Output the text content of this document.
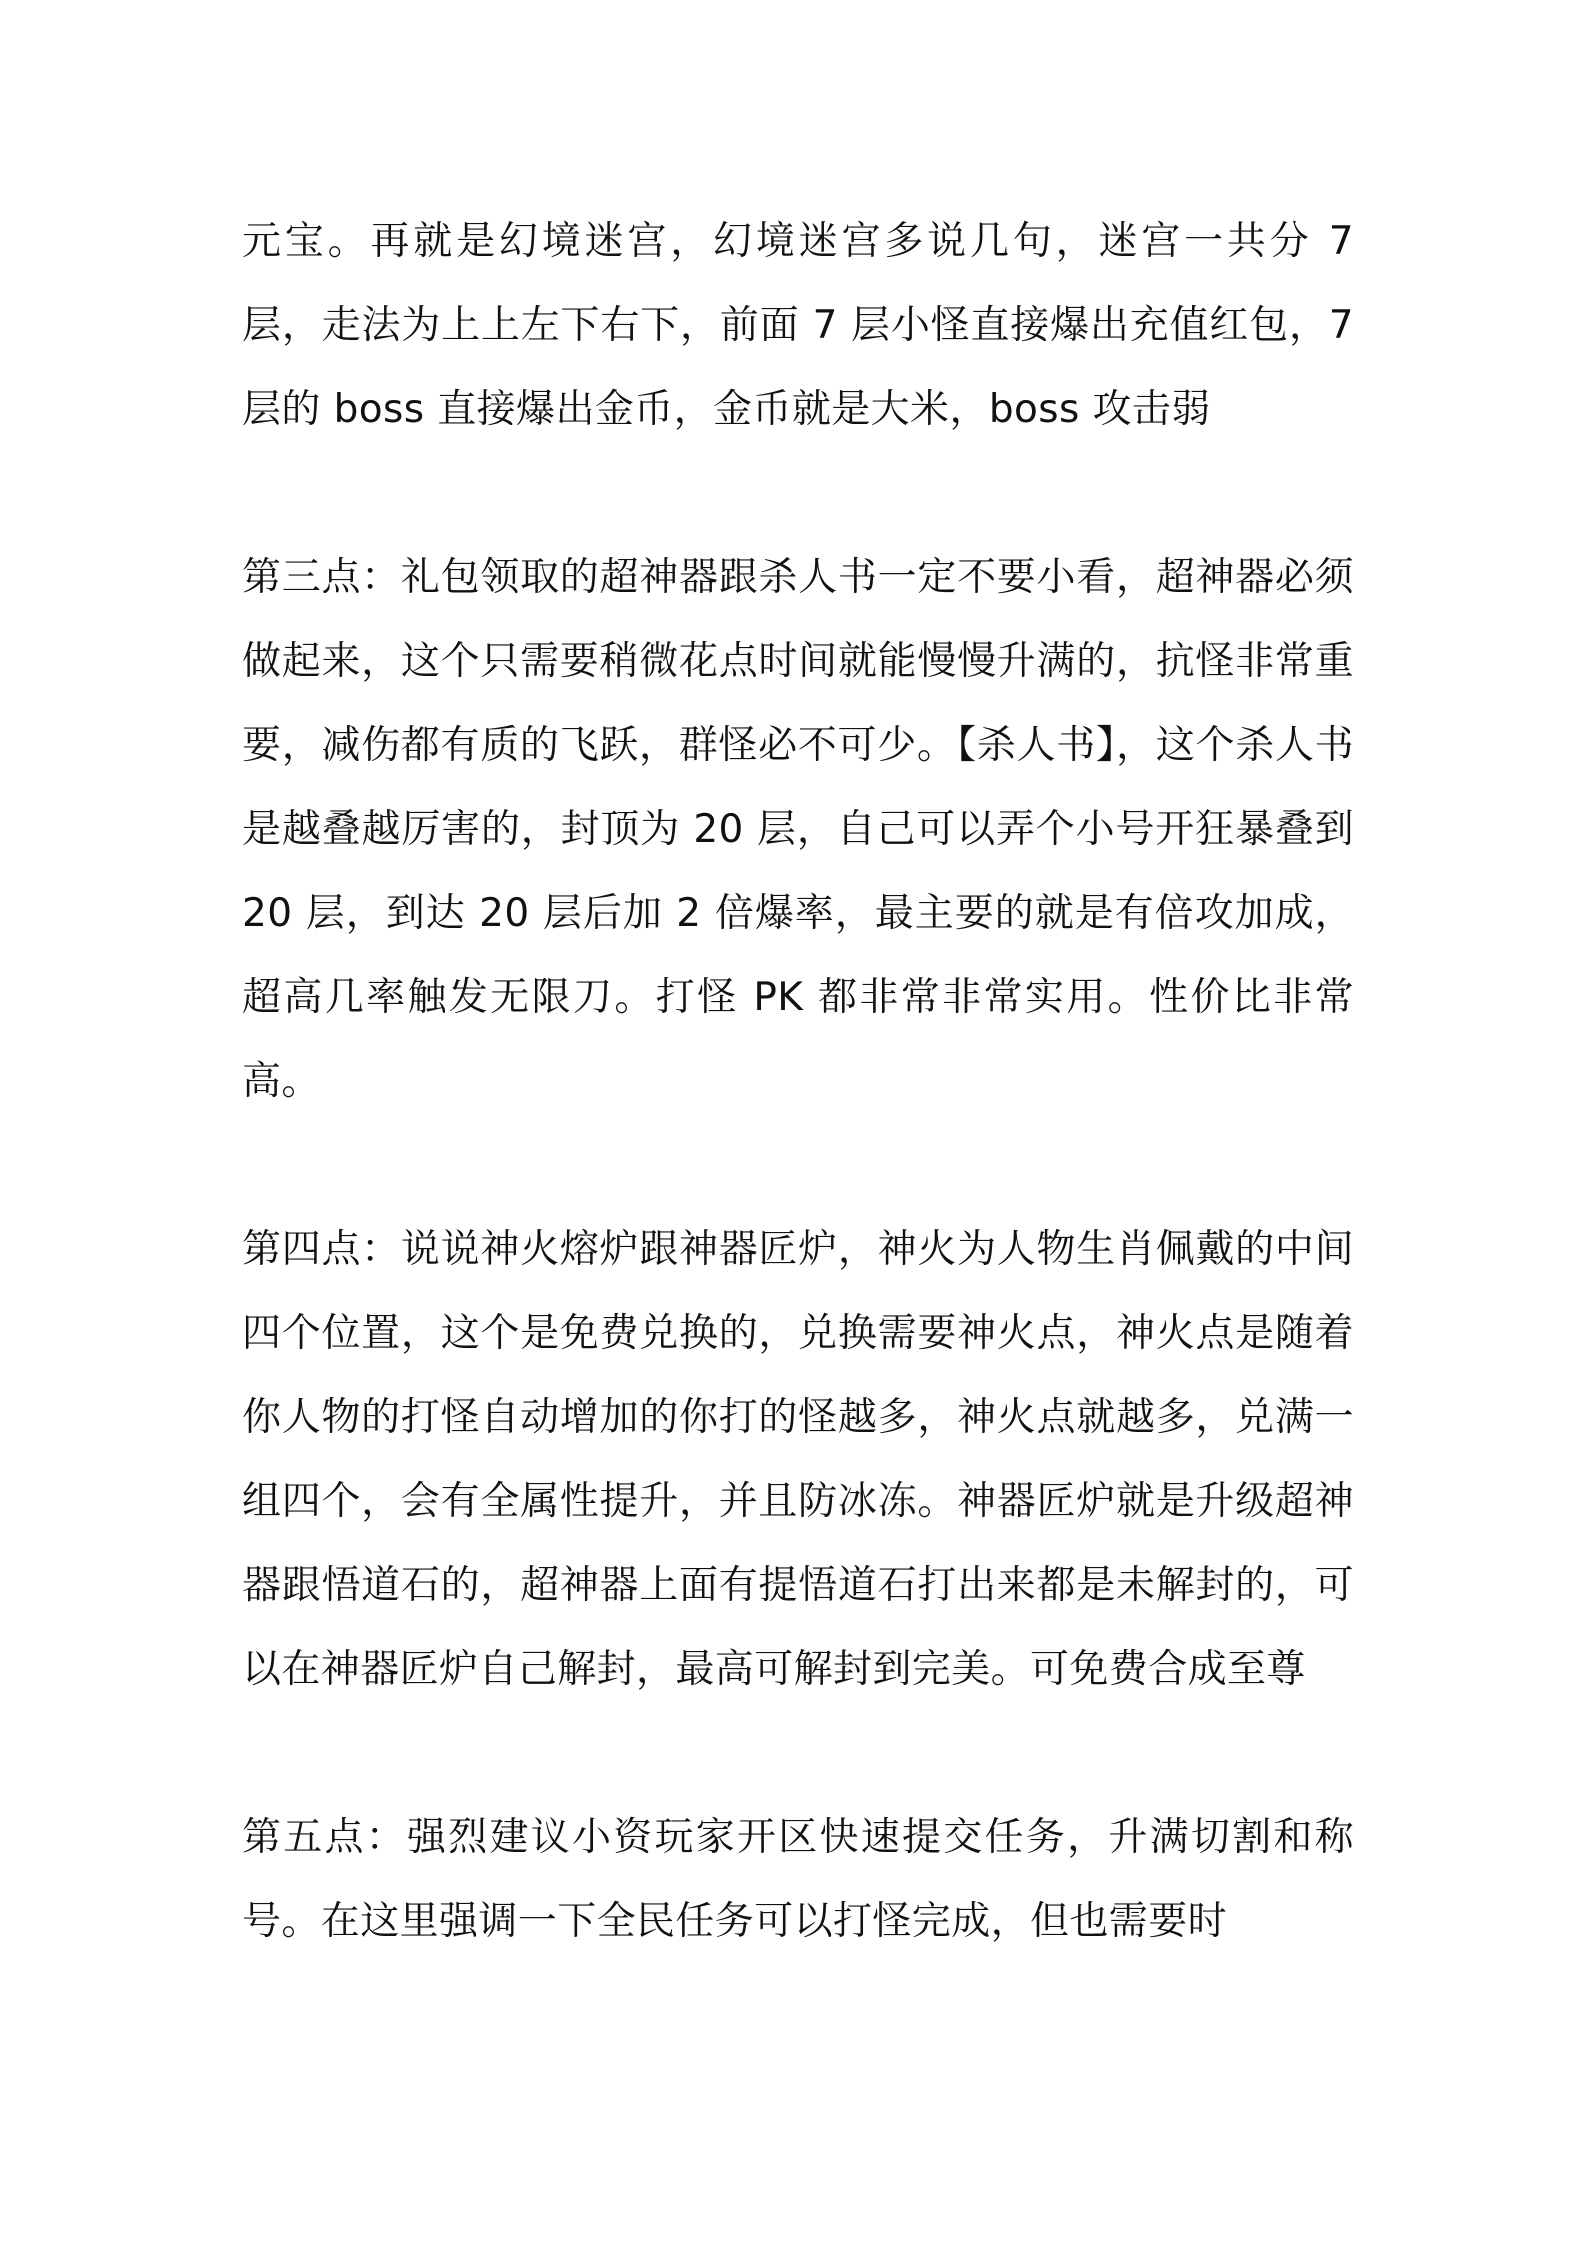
元宝。再就是幻境迷宫，幻境迷宫多说几句，迷宫一共分 7 层，走法为上上左下右下，前面 7 层小怪直接爆出充值红包，7 层的 boss 直接爆出金币，金币就是大米，boss 攻击弱

第三点：礼包领取的超神器跟杀人书一定不要小看，超神器必须做起来，这个只需要稍微花点时间就能慢慢升满的，抗怪非常重要，减伤都有质的飞跃，群怪必不可少。【杀人书】，这个杀人书是越叠越厉害的，封顶为 20 层，自己可以弄个小号开狂暴叠到 20 层，到达 20 层后加 2 倍爆率，最主要的就是有倍攻加成，超高几率触发无限刀。打怪 PK 都非常非常实用。性价比非常高。

第四点：说说神火熔炉跟神器匠炉，神火为人物生肖佩戴的中间四个位置，这个是免费兑换的，兑换需要神火点，神火点是随着你人物的打怪自动增加的你打的怪越多，神火点就越多，兑满一组四个，会有全属性提升，并且防冰冻。神器匠炉就是升级超神器跟悟道石的，超神器上面有提悟道石打出来都是未解封的，可以在神器匠炉自己解封，最高可解封到完美。可免费合成至尊

第五点：强烈建议小资玩家开区快速提交任务，升满切割和称号。在这里强调一下全民任务可以打怪完成，但也需要时
